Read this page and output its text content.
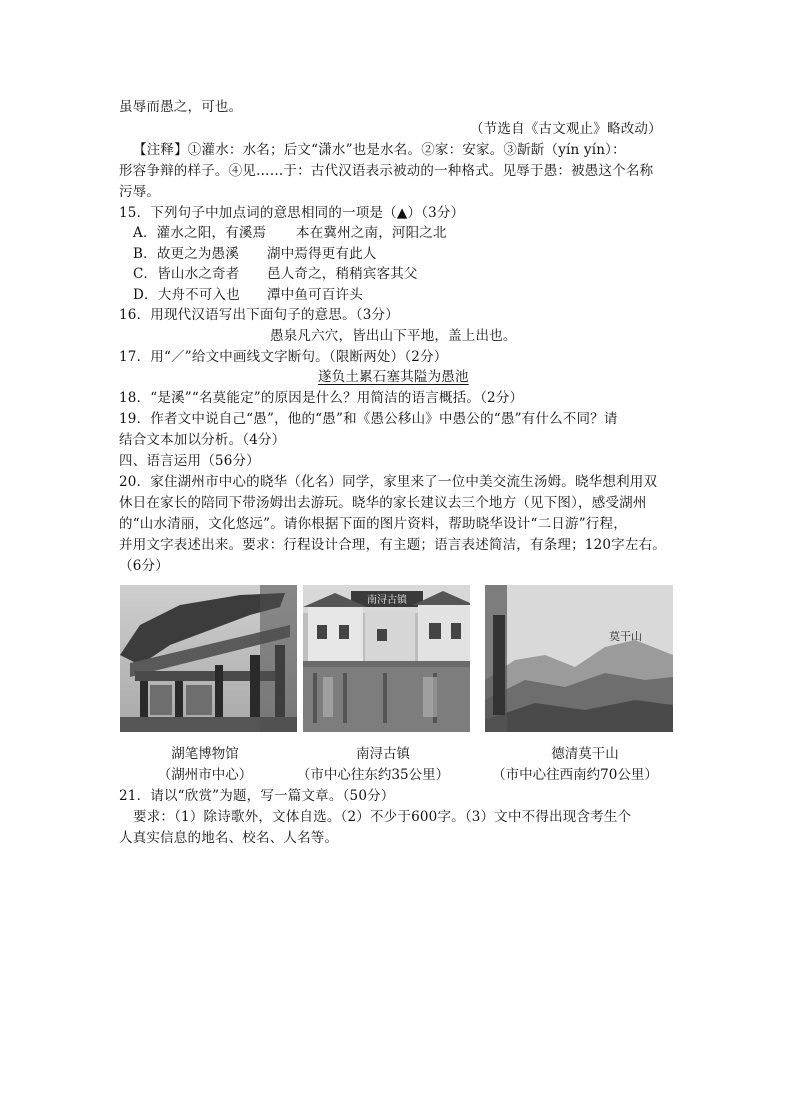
虽辱而愚之，可也。
（节选自《古文观止》略改动）
【注释】①灌水：水名；后文“潇水”也是水名。②家：安家。③龂龂（yín yín）：
形容争辩的样子。④见……于：古代汉语表示被动的一种格式。见辱于愚：被愚这个名称
污辱。
15．下列句子中加点词的意思相同的一项是（▲）（3分）
A．灌水之阳，有溪焉 本在冀州之南，河阳之北
B．故更之为愚溪 湖中焉得更有此人
C．皆山水之奇者 邑人奇之，稍稍宾客其父
D．大舟不可入也 潭中鱼可百许头
16．用现代汉语写出下面句子的意思。（3分）
愚泉凡六穴，皆出山下平地，盖上出也。
17．用“／”给文中画线文字断句。（限断两处）（2分）
遂负土累石塞其隘为愚池
18．“是溪”“名莫能定”的原因是什么？用简洁的语言概括。（2分）
19．作者文中说自己“愚”，他的“愚”和《愚公移山》中愚公的“愚”有什么不同？请
结合文本加以分析。（4分）
四、语言运用（56分）
20．家住湖州市中心的晓华（化名）同学，家里来了一位中美交流生汤姆。晓华想利用双
休日在家长的陪同下带汤姆出去游玩。晓华的家长建议去三个地方（见下图），感受湖州
的“山水清丽，文化悠远”。请你根据下面的图片资料，帮助晓华设计“二日游”行程，
并用文字表述出来。要求：行程设计合理，有主题；语言表述简洁，有条理；120字左右。
（6分）
南浔古镇
莫干山
湖笔博物馆
（湖州市中心）
南浔古镇
（市中心往东约35公里）
德清莫干山
（市中心往西南约70公里）
21．请以“欣赏”为题，写一篇文章。（50分）
要求：（1）除诗歌外，文体自选。（2）不少于600字。（3）文中不得出现含考生个
人真实信息的地名、校名、人名等。
